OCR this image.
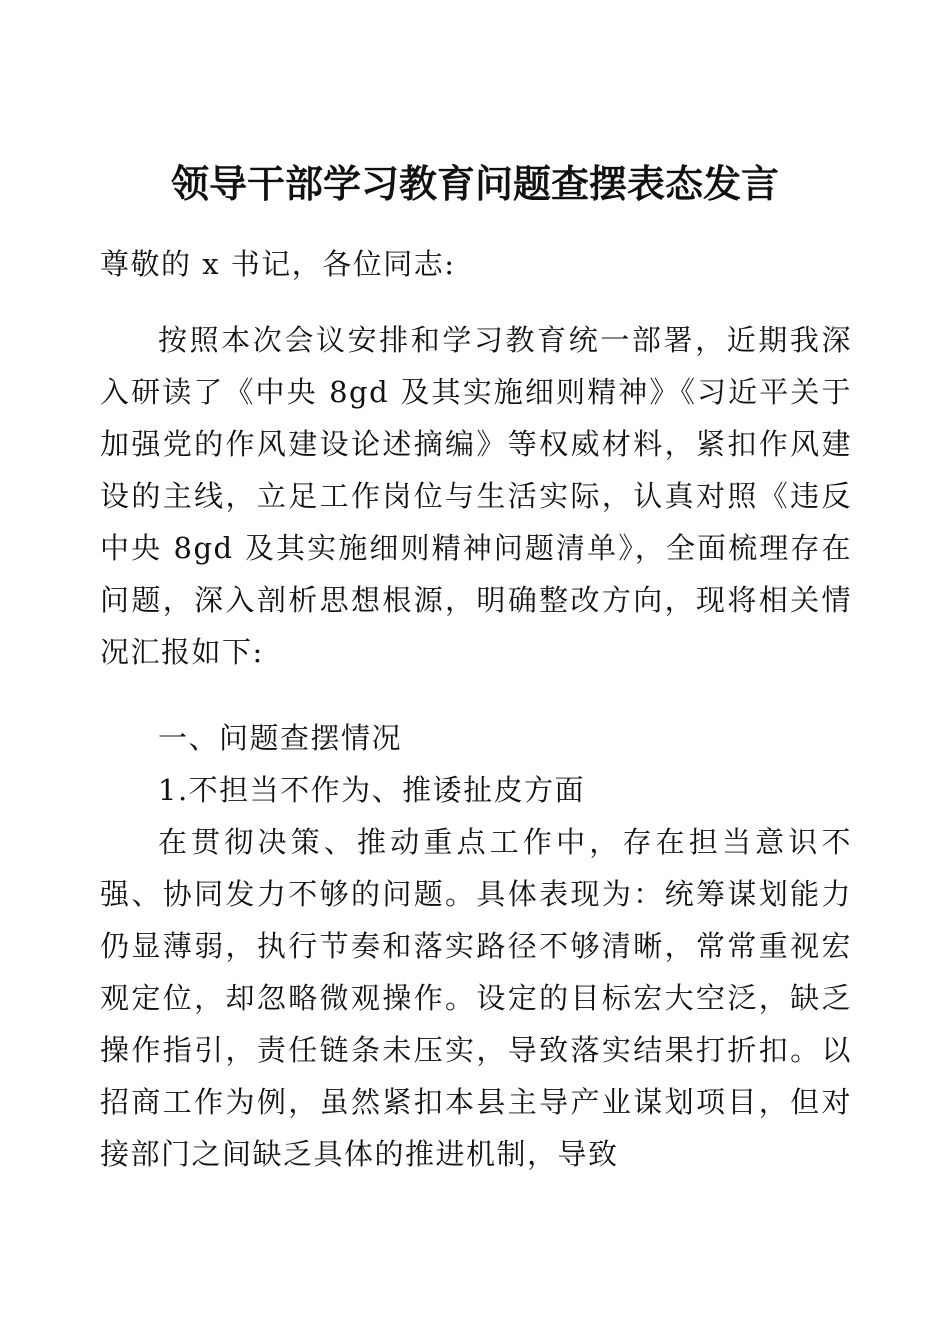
领导干部学习教育问题查摆表态发言

尊敬的 x 书记，各位同志:

按照本次会议安排和学习教育统一部署，近期我深入研读了《中央 8gd 及其实施细则精神》《习近平关于加强党的作风建设论述摘编》等权威材料，紧扣作风建设的主线，立足工作岗位与生活实际，认真对照《违反中央 8gd 及其实施细则精神问题清单》，全面梳理存在问题，深入剖析思想根源，明确整改方向，现将相关情况汇报如下:

一、问题查摆情况

1.不担当不作为、推诿扯皮方面

在贯彻决策、推动重点工作中，存在担当意识不强、协同发力不够的问题。具体表现为：统筹谋划能力仍显薄弱，执行节奏和落实路径不够清晰，常常重视宏观定位，却忽略微观操作。设定的目标宏大空泛，缺乏操作指引，责任链条未压实，导致落实结果打折扣。以招商工作为例，虽然紧扣本县主导产业谋划项目，但对接部门之间缺乏具体的推进机制，导致
